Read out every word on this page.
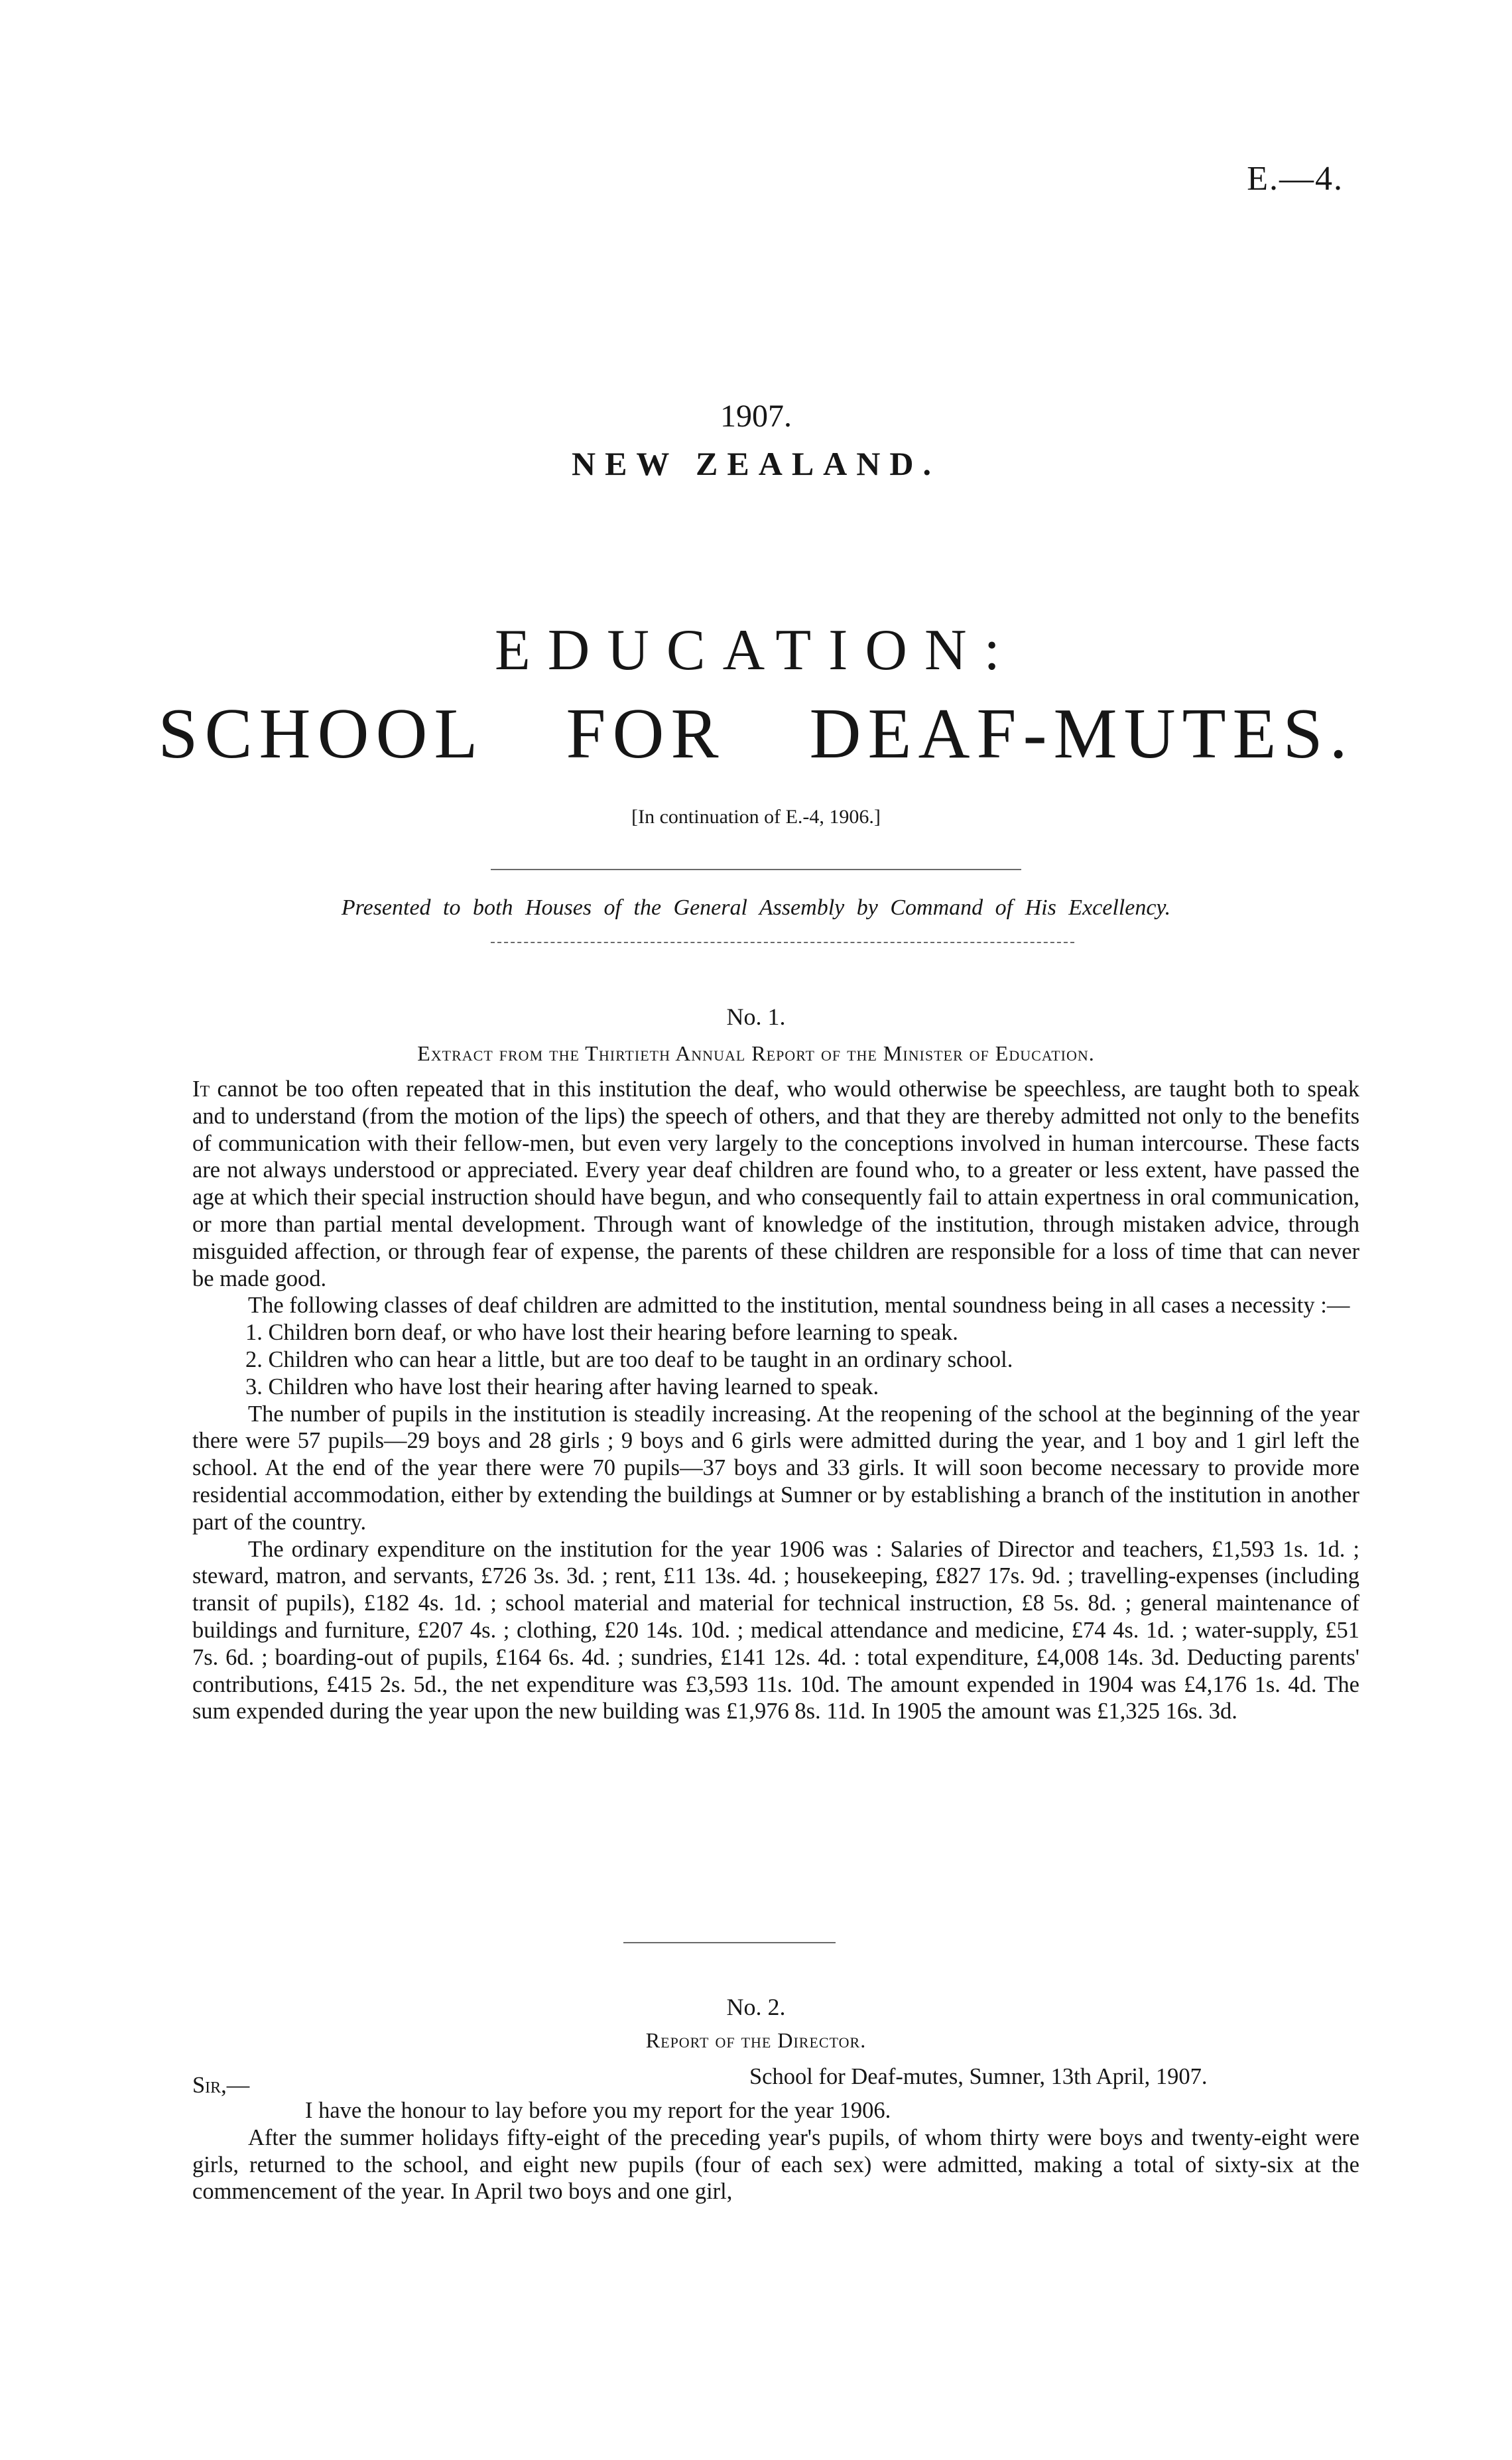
E.—4.
1907.
NEW ZEALAND.
EDUCATION:
SCHOOL FOR DEAF-MUTES.
[In continuation of E.-4, 1906.]
Presented to both Houses of the General Assembly by Command of His Excellency.
No. 1.
Extract from the Thirtieth Annual Report of the Minister of Education.

It cannot be too often repeated that in this institution the deaf, who would otherwise be speechless, are taught both to speak and to understand (from the motion of the lips) the speech of others, and that they are thereby admitted not only to the benefits of communication with their fellow-men, but even very largely to the conceptions involved in human intercourse. These facts are not always understood or appreciated. Every year deaf children are found who, to a greater or less extent, have passed the age at which their special instruction should have begun, and who consequently fail to attain expertness in oral communication, or more than partial mental development. Through want of knowledge of the institution, through mistaken advice, through misguided affection, or through fear of expense, the parents of these children are responsible for a loss of time that can never be made good.

The following classes of deaf children are admitted to the institution, mental soundness being in all cases a necessity :—

1. Children born deaf, or who have lost their hearing before learning to speak.

2. Children who can hear a little, but are too deaf to be taught in an ordinary school.

3. Children who have lost their hearing after having learned to speak.

The number of pupils in the institution is steadily increasing. At the reopening of the school at the beginning of the year there were 57 pupils—29 boys and 28 girls ; 9 boys and 6 girls were admitted during the year, and 1 boy and 1 girl left the school. At the end of the year there were 70 pupils—37 boys and 33 girls. It will soon become necessary to provide more residential accommodation, either by extending the buildings at Sumner or by establishing a branch of the institution in another part of the country.

The ordinary expenditure on the institution for the year 1906 was : Salaries of Director and teachers, £1,593 1s. 1d. ; steward, matron, and servants, £726 3s. 3d. ; rent, £11 13s. 4d. ; housekeeping, £827 17s. 9d. ; travelling-expenses (including transit of pupils), £182 4s. 1d. ; school material and material for technical instruction, £8 5s. 8d. ; general maintenance of buildings and furniture, £207 4s. ; clothing, £20 14s. 10d. ; medical attendance and medicine, £74 4s. 1d. ; water-supply, £51 7s. 6d. ; boarding-out of pupils, £164 6s. 4d. ; sundries, £141 12s. 4d. : total expenditure, £4,008 14s. 3d. Deducting parents' contributions, £415 2s. 5d., the net expenditure was £3,593 11s. 10d. The amount expended in 1904 was £4,176 1s. 4d. The sum expended during the year upon the new building was £1,976 8s. 11d. In 1905 the amount was £1,325 16s. 3d.

No. 2.
Report of the Director.
Sir,—	School for Deaf-mutes, Sumner, 13th April, 1907.

I have the honour to lay before you my report for the year 1906.

After the summer holidays fifty-eight of the preceding year's pupils, of whom thirty were boys and twenty-eight were girls, returned to the school, and eight new pupils (four of each sex) were admitted, making a total of sixty-six at the commencement of the year. In April two boys and one girl,
